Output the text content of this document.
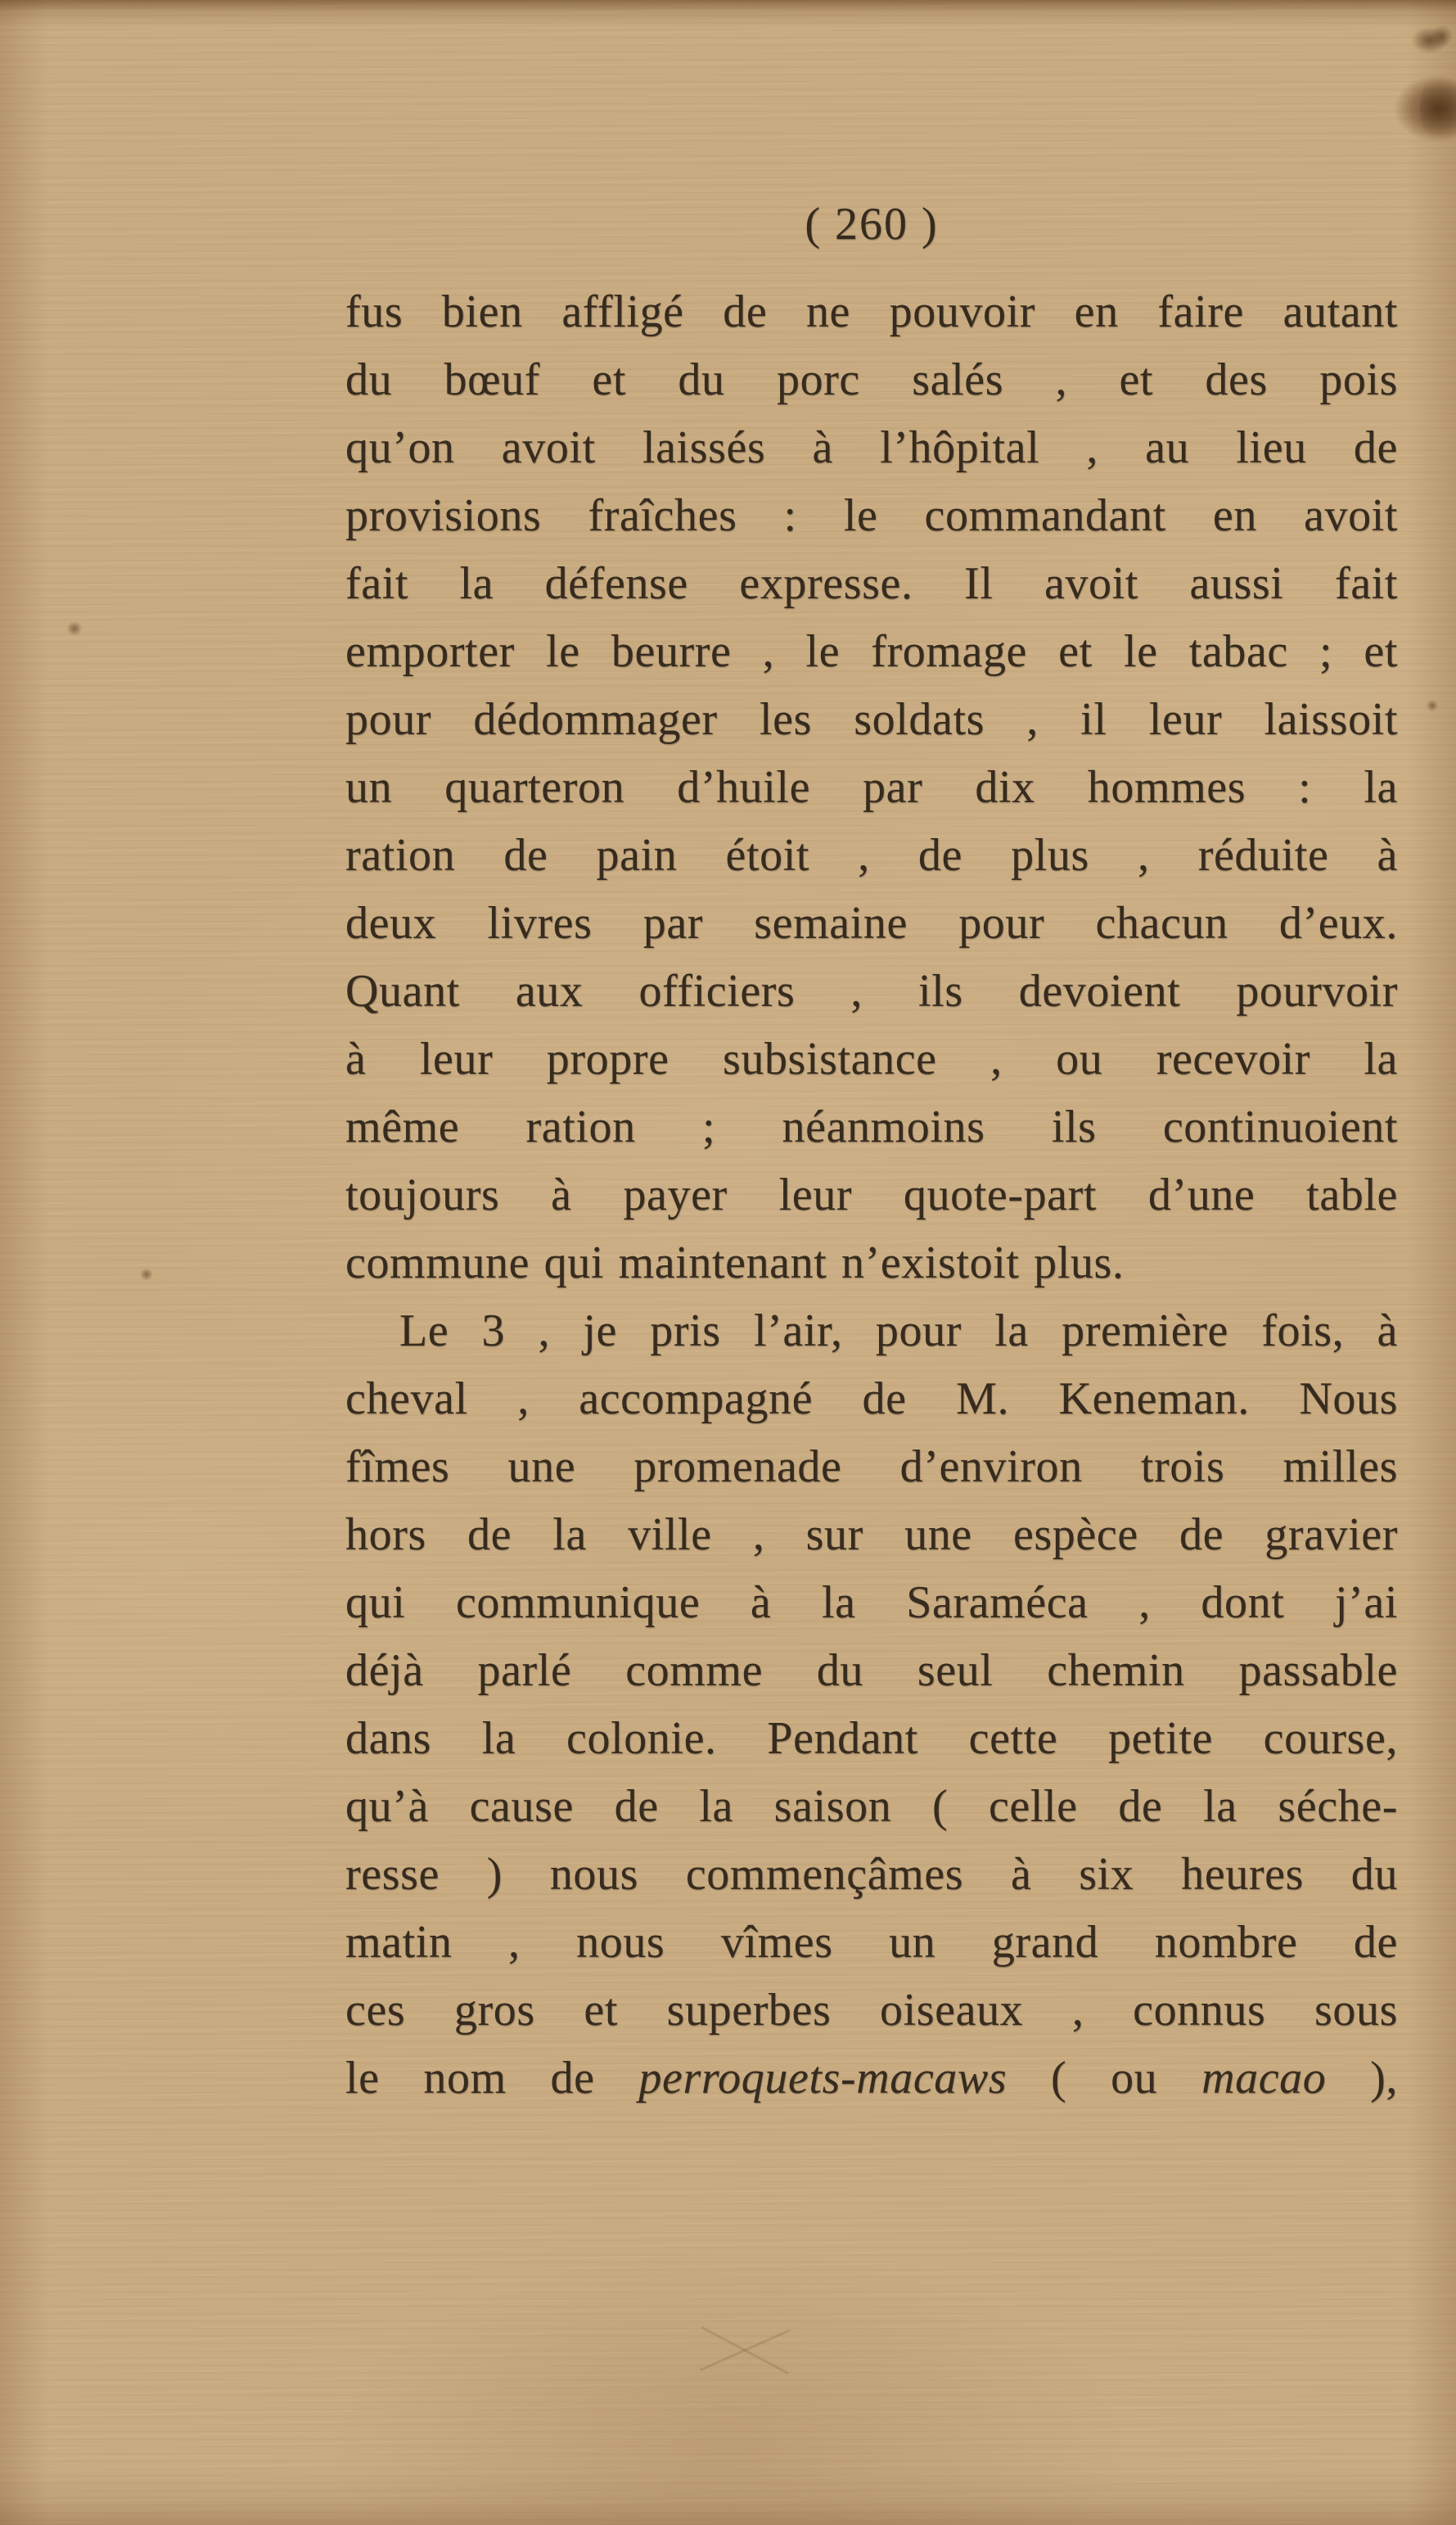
( 260 )
fus bien affligé de ne pouvoir en faire autant
du bœuf et du porc salés , et des pois
qu’on avoit laissés à l’hôpital , au lieu de
provisions fraîches : le commandant en avoit
fait la défense expresse. Il avoit aussi fait
emporter le beurre , le fromage et le tabac ; et
pour dédommager les soldats , il leur laissoit
un quarteron d’huile par dix hommes : la
ration de pain étoit , de plus , réduite à
deux livres par semaine pour chacun d’eux.
Quant aux officiers , ils devoient pourvoir
à leur propre subsistance , ou recevoir la
même ration ; néanmoins ils continuoient
toujours à payer leur quote-part d’une table
commune qui maintenant n’existoit plus.
Le 3 , je pris l’air, pour la première fois, à
cheval , accompagné de M. Keneman. Nous
fîmes une promenade d’environ trois milles
hors de la ville , sur une espèce de gravier
qui communique à la Saraméca , dont j’ai
déjà parlé comme du seul chemin passable
dans la colonie. Pendant cette petite course,
qu’à cause de la saison ( celle de la séche-
resse ) nous commençâmes à six heures du
matin , nous vîmes un grand nombre de
ces gros et superbes oiseaux , connus sous
le nom de perroquets-macaws ( ou macao ),
